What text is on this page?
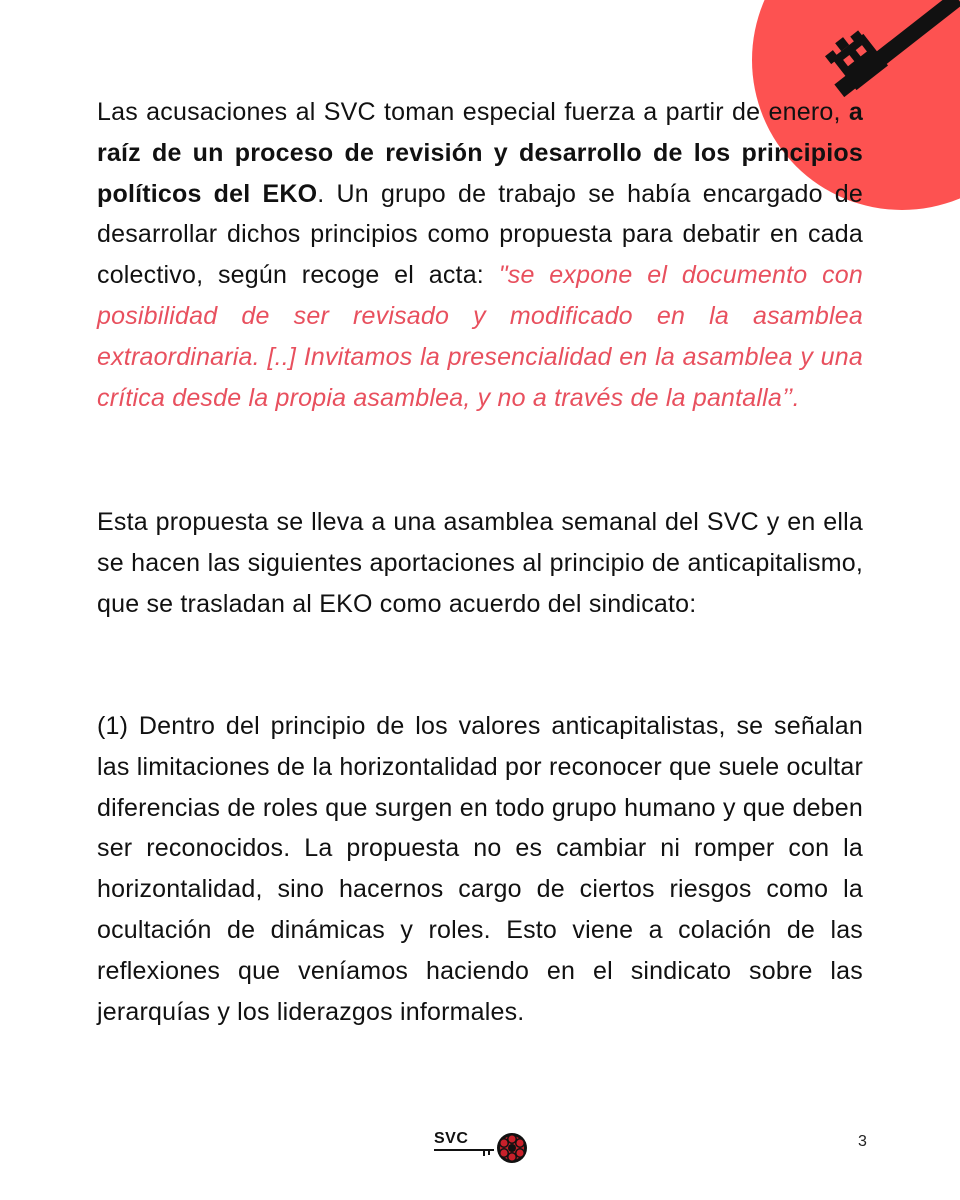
Las acusaciones al SVC toman especial fuerza a partir de enero, a raíz de un proceso de revisión y desarrollo de los principios políticos del EKO. Un grupo de trabajo se había encargado de desarrollar dichos principios como propuesta para debatir en cada colectivo, según recoge el acta: "se expone el documento con posibilidad de ser revisado y modificado en la asamblea extraordinaria. [..] Invitamos la presencialidad en la asamblea y una crítica desde la propia asamblea, y no a través de la pantalla’’.

Esta propuesta se lleva a una asamblea semanal del SVC y en ella se hacen las siguientes aportaciones al principio de anticapitalismo, que se trasladan al EKO como acuerdo del sindicato:

(1) Dentro del principio de los valores anticapitalistas, se señalan las limitaciones de la horizontalidad por reconocer que suele ocultar diferencias de roles que surgen en todo grupo humano y que deben ser reconocidos. La propuesta no es cambiar ni romper con la horizontalidad, sino hacernos cargo de ciertos riesgos como la ocultación de dinámicas y roles. Esto viene a colación de las reflexiones que veníamos haciendo en el sindicato sobre las jerarquías y los liderazgos informales.

SVC	3
